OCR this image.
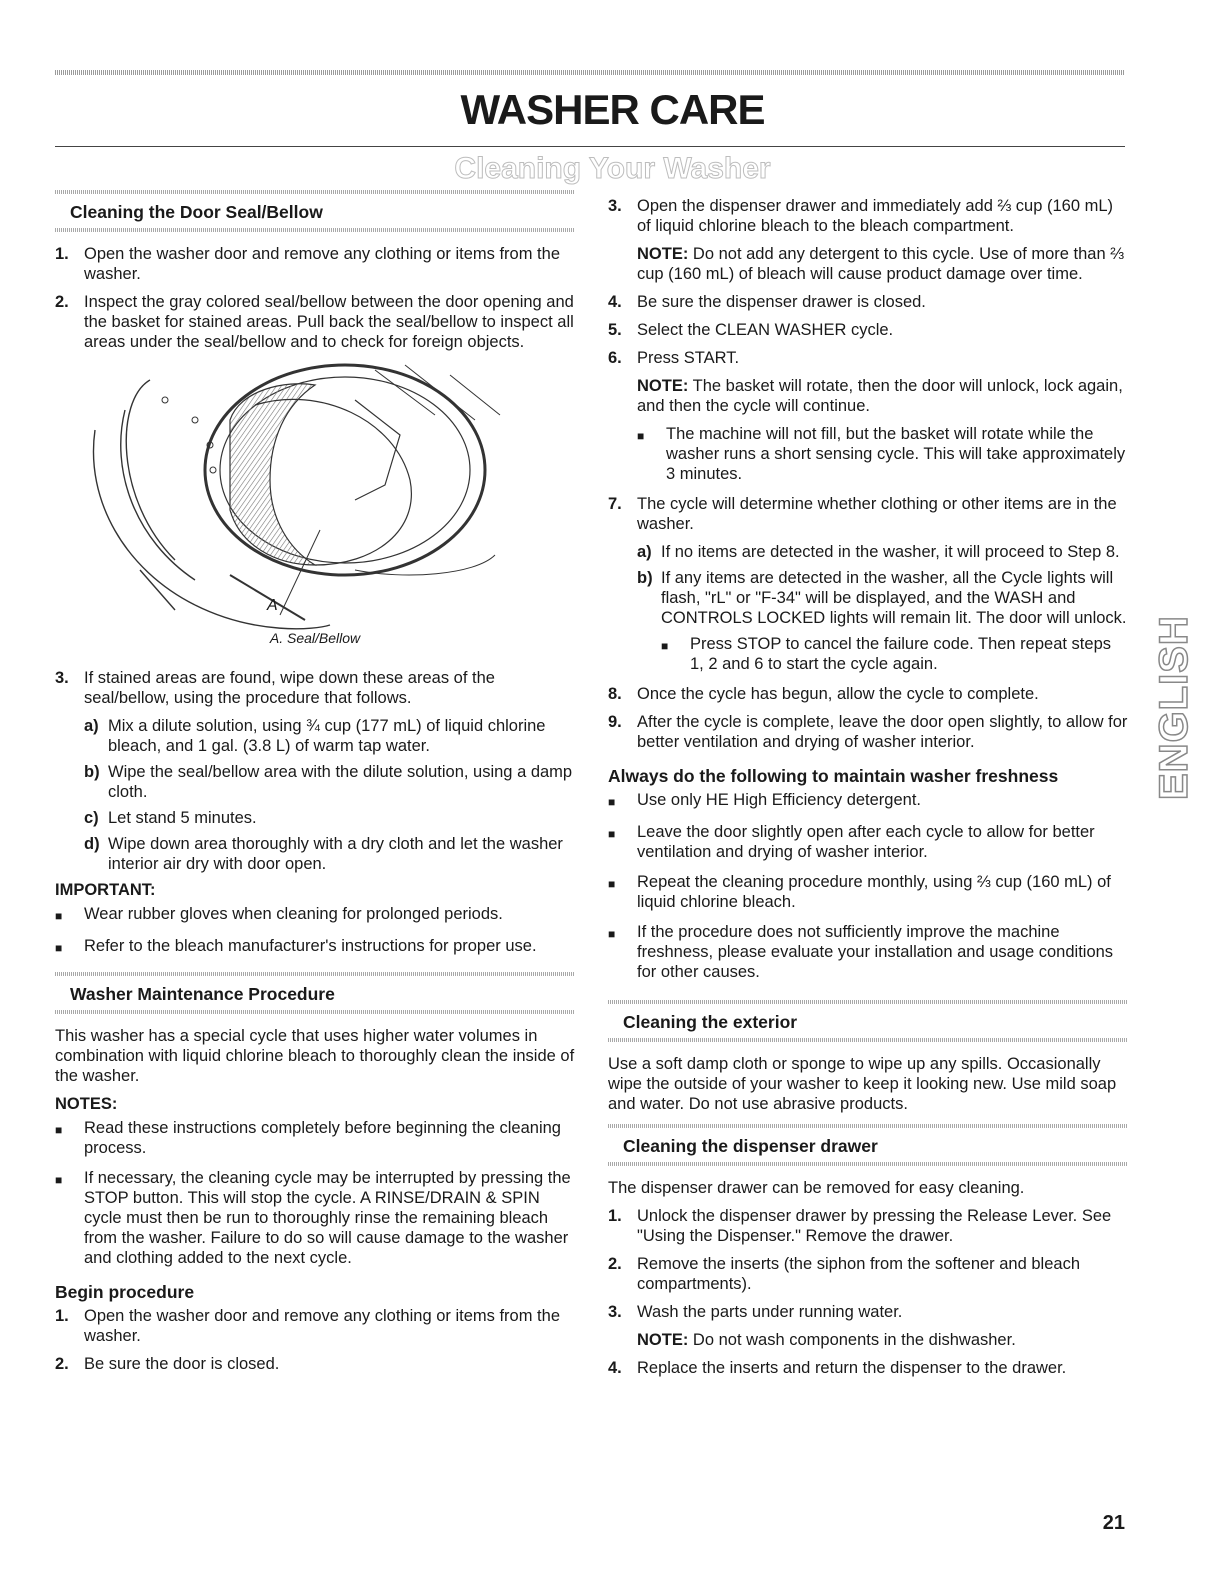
WASHER CARE
Cleaning Your Washer
Cleaning the Door Seal/Bellow
1. Open the washer door and remove any clothing or items from the washer.
2. Inspect the gray colored seal/bellow between the door opening and the basket for stained areas. Pull back the seal/bellow to inspect all areas under the seal/bellow and to check for foreign objects.
A
A. Seal/Bellow
3. If stained areas are found, wipe down these areas of the seal/bellow, using the procedure that follows.
a) Mix a dilute solution, using ¾ cup (177 mL) of liquid chlorine bleach, and 1 gal. (3.8 L) of warm tap water.
b) Wipe the seal/bellow area with the dilute solution, using a damp cloth.
c) Let stand 5 minutes.
d) Wipe down area thoroughly with a dry cloth and let the washer interior air dry with door open.
IMPORTANT:
■	Wear rubber gloves when cleaning for prolonged periods.
■	Refer to the bleach manufacturer's instructions for proper use.
Washer Maintenance Procedure

This washer has a special cycle that uses higher water volumes in combination with liquid chlorine bleach to thoroughly clean the inside of the washer.

NOTES:
■	Read these instructions completely before beginning the cleaning process.
■	If necessary, the cleaning cycle may be interrupted by pressing the STOP button. This will stop the cycle. A RINSE/DRAIN & SPIN cycle must then be run to thoroughly rinse the remaining bleach from the washer. Failure to do so will cause damage to the washer and clothing added to the next cycle.
Begin procedure
1. Open the washer door and remove any clothing or items from the washer.
2. Be sure the door is closed.
3. Open the dispenser drawer and immediately add ⅔ cup (160 mL) of liquid chlorine bleach to the bleach compartment.
NOTE: Do not add any detergent to this cycle. Use of more than ⅔ cup (160 mL) of bleach will cause product damage over time.
4. Be sure the dispenser drawer is closed.
5. Select the CLEAN WASHER cycle.
6. Press START.
NOTE: The basket will rotate, then the door will unlock, lock again, and then the cycle will continue.
■	The machine will not fill, but the basket will rotate while the washer runs a short sensing cycle. This will take approximately 3 minutes.
7. The cycle will determine whether clothing or other items are in the washer.
a) If no items are detected in the washer, it will proceed to Step 8.
b) If any items are detected in the washer, all the Cycle lights will flash, "rL" or "F-34" will be displayed, and the WASH and CONTROLS LOCKED lights will remain lit. The door will unlock.
■	Press STOP to cancel the failure code. Then repeat steps 1, 2 and 6 to start the cycle again.
8. Once the cycle has begun, allow the cycle to complete.
9. After the cycle is complete, leave the door open slightly, to allow for better ventilation and drying of washer interior.
Always do the following to maintain washer freshness
■	Use only HE High Efficiency detergent.
■	Leave the door slightly open after each cycle to allow for better ventilation and drying of washer interior.
■	Repeat the cleaning procedure monthly, using ⅔ cup (160 mL) of liquid chlorine bleach.
■	If the procedure does not sufficiently improve the machine freshness, please evaluate your installation and usage conditions for other causes.
Cleaning the exterior

Use a soft damp cloth or sponge to wipe up any spills. Occasionally wipe the outside of your washer to keep it looking new. Use mild soap and water. Do not use abrasive products.

Cleaning the dispenser drawer

The dispenser drawer can be removed for easy cleaning.

1. Unlock the dispenser drawer by pressing the Release Lever. See "Using the Dispenser." Remove the drawer.
2. Remove the inserts (the siphon from the softener and bleach compartments).
3. Wash the parts under running water.
NOTE: Do not wash components in the dishwasher.
4. Replace the inserts and return the dispenser to the drawer.
ENGLISH
21
